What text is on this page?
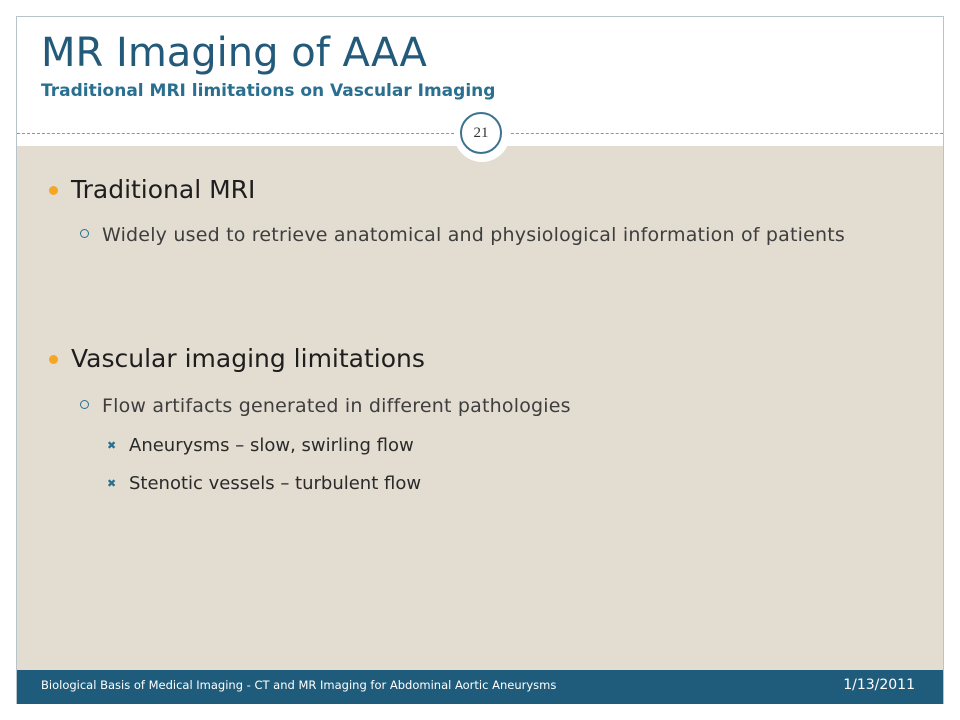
MR Imaging of AAA
Traditional MRI limitations on Vascular Imaging
21
Traditional MRI
Widely used to retrieve anatomical and physiological information of patients
Vascular imaging limitations
Flow artifacts generated in different pathologies
✖ Aneurysms – slow, swirling flow
✖ Stenotic vessels – turbulent flow
Biological Basis of Medical Imaging - CT and MR Imaging for Abdominal Aortic Aneurysms	1/13/2011
